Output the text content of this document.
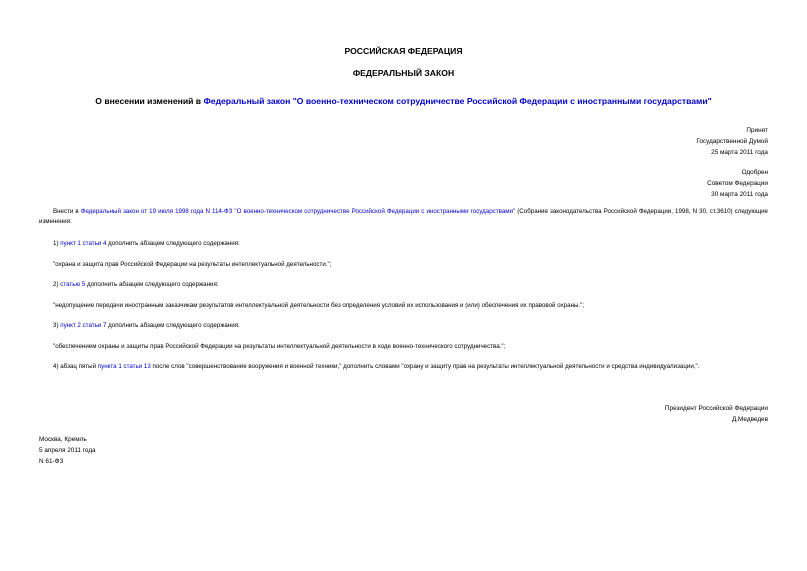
РОССИЙСКАЯ ФЕДЕРАЦИЯ
ФЕДЕРАЛЬНЫЙ ЗАКОН
О внесении изменений в Федеральный закон "О военно-техническом сотрудничестве Российской Федерации с иностранными государствами"
Принят
Государственной Думой
25 марта 2011 года
Одобрен
Советом Федерации
30 марта 2011 года
Внести в Федеральный закон от 19 июля 1998 года N 114-ФЗ "О военно-техническом сотрудничестве Российской Федерации с иностранными государствами" (Собрание законодательства Российской Федерации, 1998, N 30, ст.3610) следующие изменения:
1) пункт 1 статьи 4 дополнить абзацем следующего содержания:
"охрана и защита прав Российской Федерации на результаты интеллектуальной деятельности.";
2) статью 5 дополнить абзацем следующего содержания:
"недопущение передачи иностранным заказчикам результатов интеллектуальной деятельности без определения условий их использования и (или) обеспечения их правовой охраны.";
3) пункт 2 статьи 7 дополнить абзацем следующего содержания:
"обеспечением охраны и защиты прав Российской Федерации на результаты интеллектуальной деятельности в ходе военно-технического сотрудничества.";
4) абзац пятый пункта 1 статьи 13 после слов "совершенствование вооружения и военной техники," дополнить словами "охрану и защиту прав на результаты интеллектуальной деятельности и средства индивидуализации,".
Президент Российской Федерации
Д.Медведев
Москва, Кремль
5 апреля 2011 года
N 61-ФЗ
